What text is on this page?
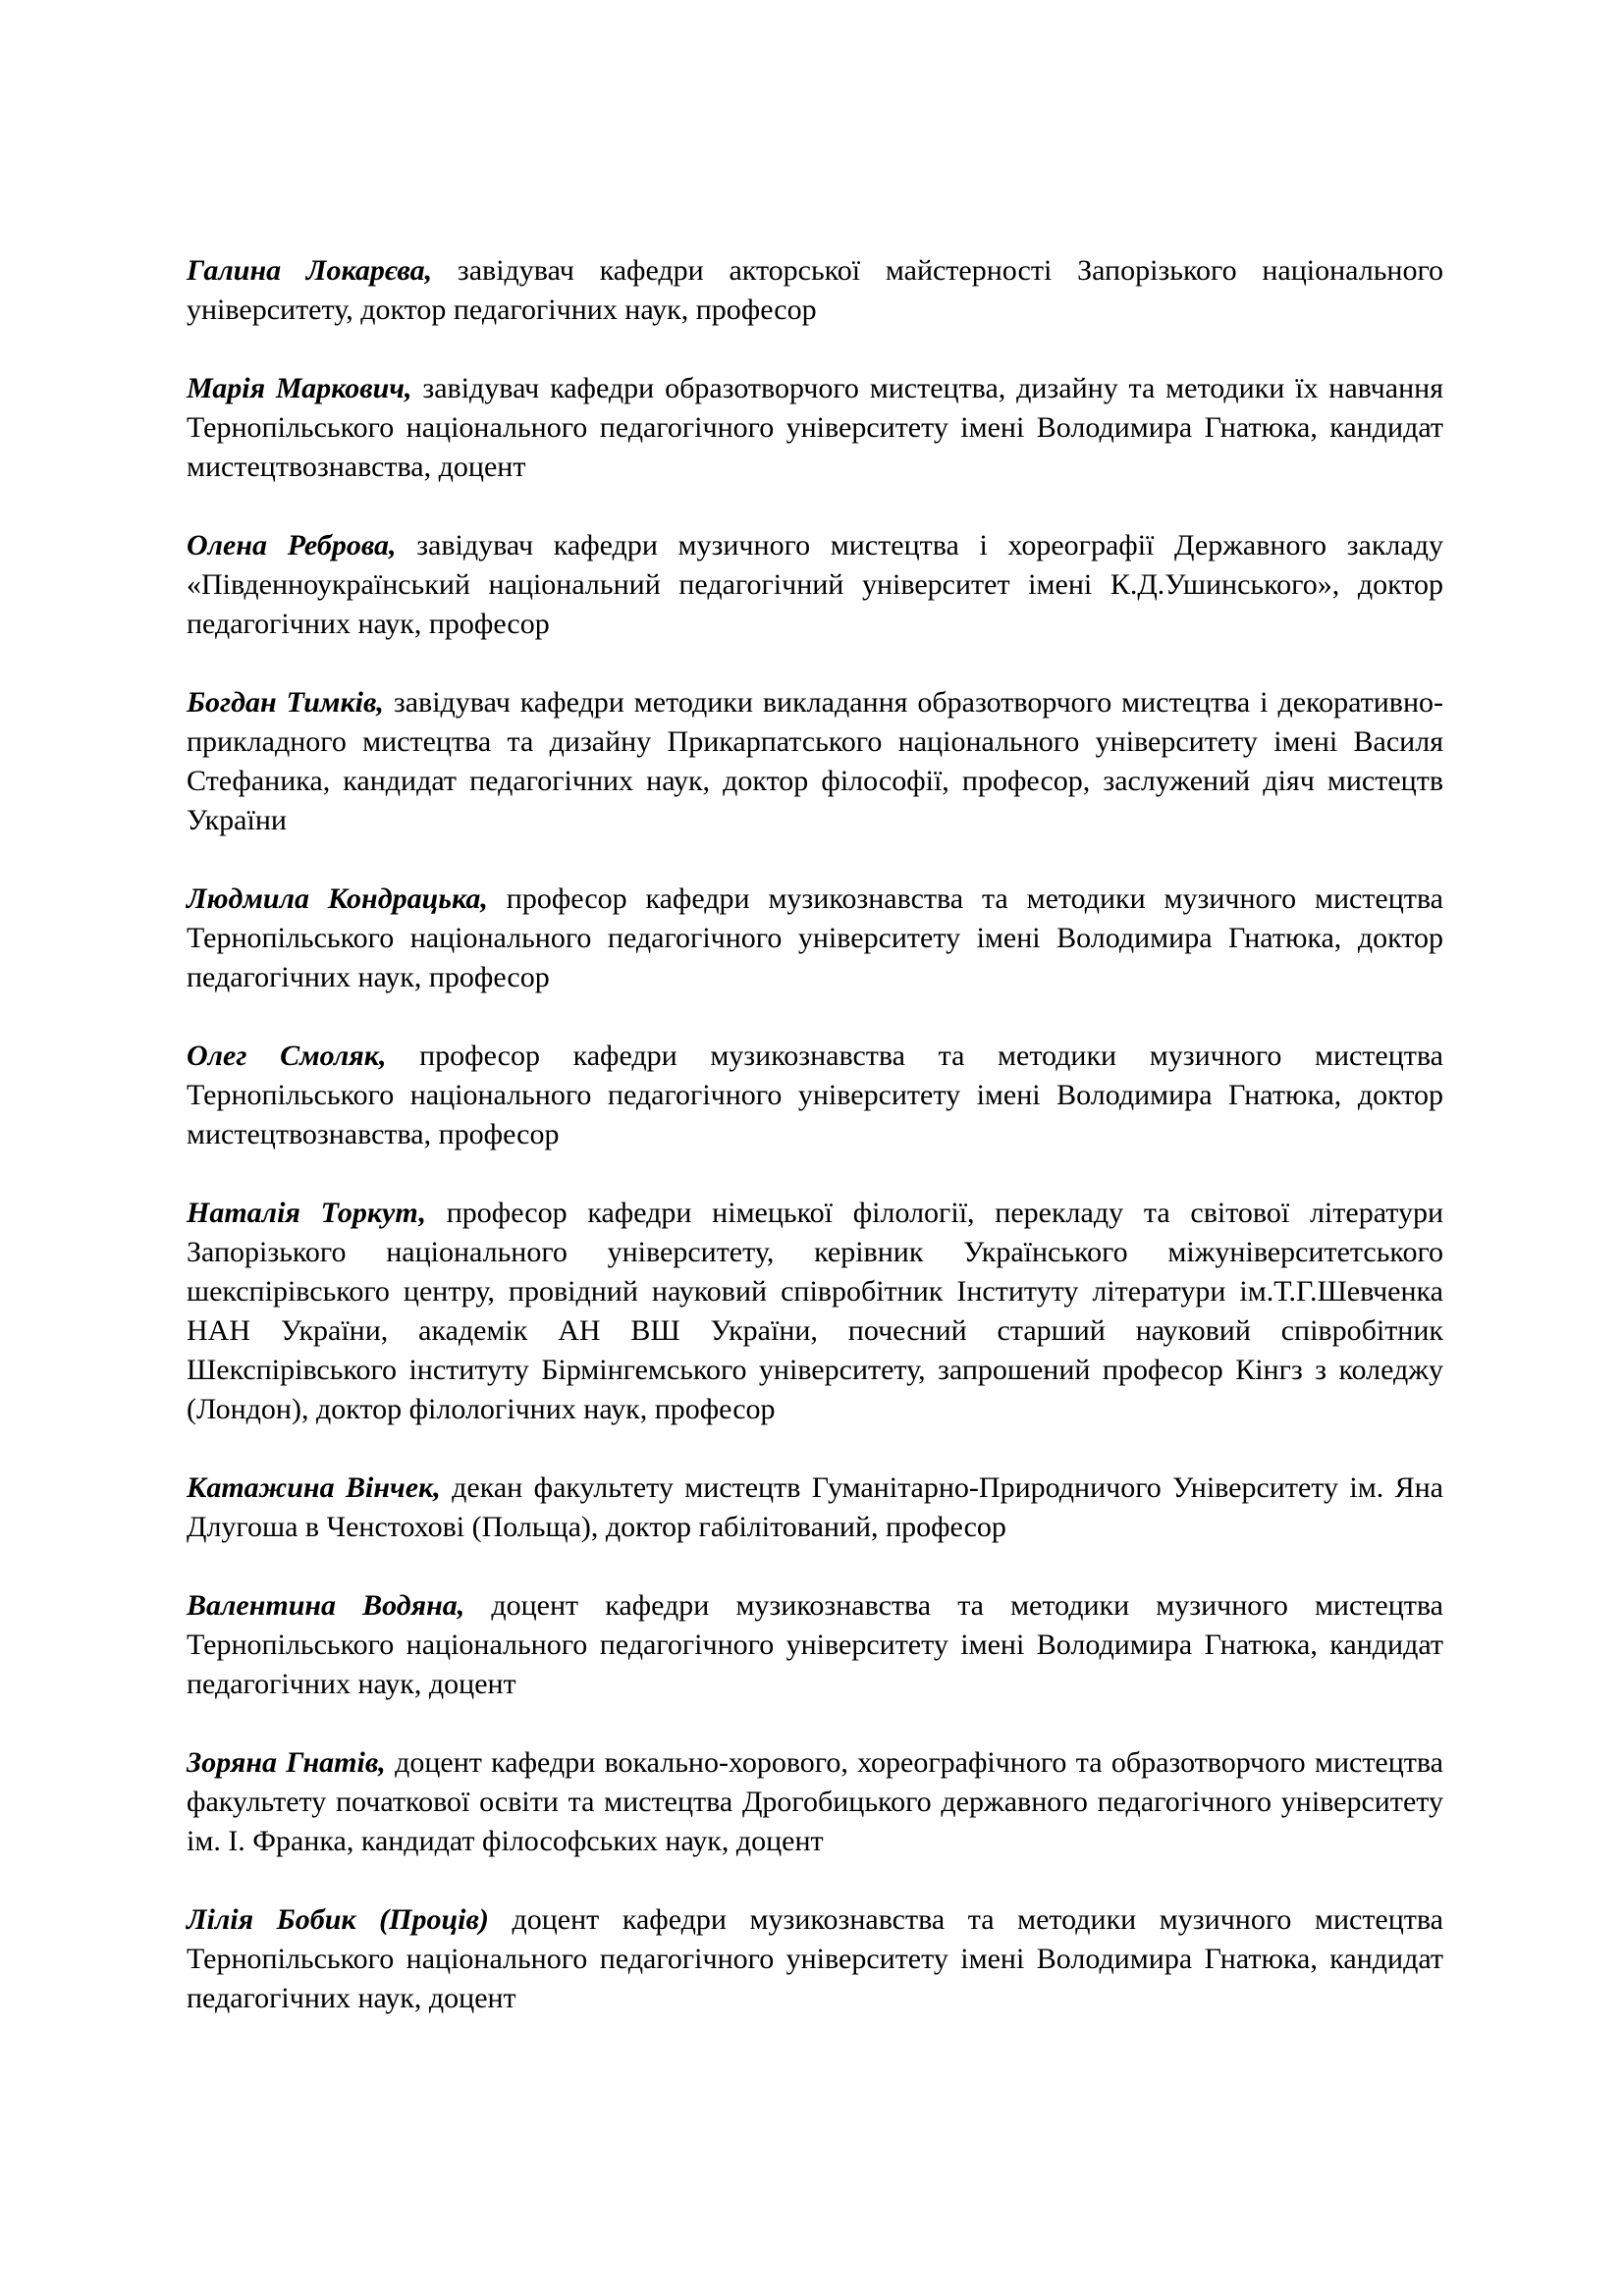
Галина Локарєва, завідувач кафедри акторської майстерності Запорізького національного університету, доктор педагогічних наук, професор

Марія Маркович, завідувач кафедри образотворчого мистецтва, дизайну та методики їх навчання Тернопільського національного педагогічного університету імені Володимира Гнатюка, кандидат мистецтвознавства, доцент

Олена Реброва, завідувач кафедри музичного мистецтва і хореографії Державного закладу «Південноукраїнський національний педагогічний університет імені К.Д.Ушинського», доктор педагогічних наук, професор

Богдан Тимків, завідувач кафедри методики викладання образотворчого мистецтва і декоративно-прикладного мистецтва та дизайну Прикарпатського національного університету імені Василя Стефаника, кандидат педагогічних наук, доктор філософії, професор, заслужений діяч мистецтв України

Людмила Кондрацька, професор кафедри музикознавства та методики музичного мистецтва Тернопільського національного педагогічного університету імені Володимира Гнатюка, доктор педагогічних наук, професор

Олег Смоляк, професор кафедри музикознавства та методики музичного мистецтва Тернопільського національного педагогічного університету імені Володимира Гнатюка, доктор мистецтвознавства, професор

Наталія Торкут, професор кафедри німецької філології, перекладу та світової літератури Запорізького національного університету, керівник Українського міжуніверситетського шекспірівського центру, провідний науковий співробітник Інституту літератури ім.Т.Г.Шевченка НАН України, академік АН ВШ України, почесний старший науковий співробітник Шекспірівського інституту Бірмінгемського університету, запрошений професор Кінгз з коледжу (Лондон), доктор філологічних наук, професор

Катажина Вінчек, декан факультету мистецтв Гуманітарно-Природничого Університету ім. Яна Длугоша в Ченстохові (Польща), доктор габілітований, професор

Валентина Водяна, доцент кафедри музикознавства та методики музичного мистецтва Тернопільського національного педагогічного університету імені Володимира Гнатюка, кандидат педагогічних наук, доцент

Зоряна Гнатів, доцент кафедри вокально-хорового, хореографічного та образотворчого мистецтва факультету початкової освіти та мистецтва Дрогобицького державного педагогічного університету ім. І. Франка, кандидат філософських наук, доцент

Лілія Бобик (Проців) доцент кафедри музикознавства та методики музичного мистецтва Тернопільського національного педагогічного університету імені Володимира Гнатюка, кандидат педагогічних наук, доцент
